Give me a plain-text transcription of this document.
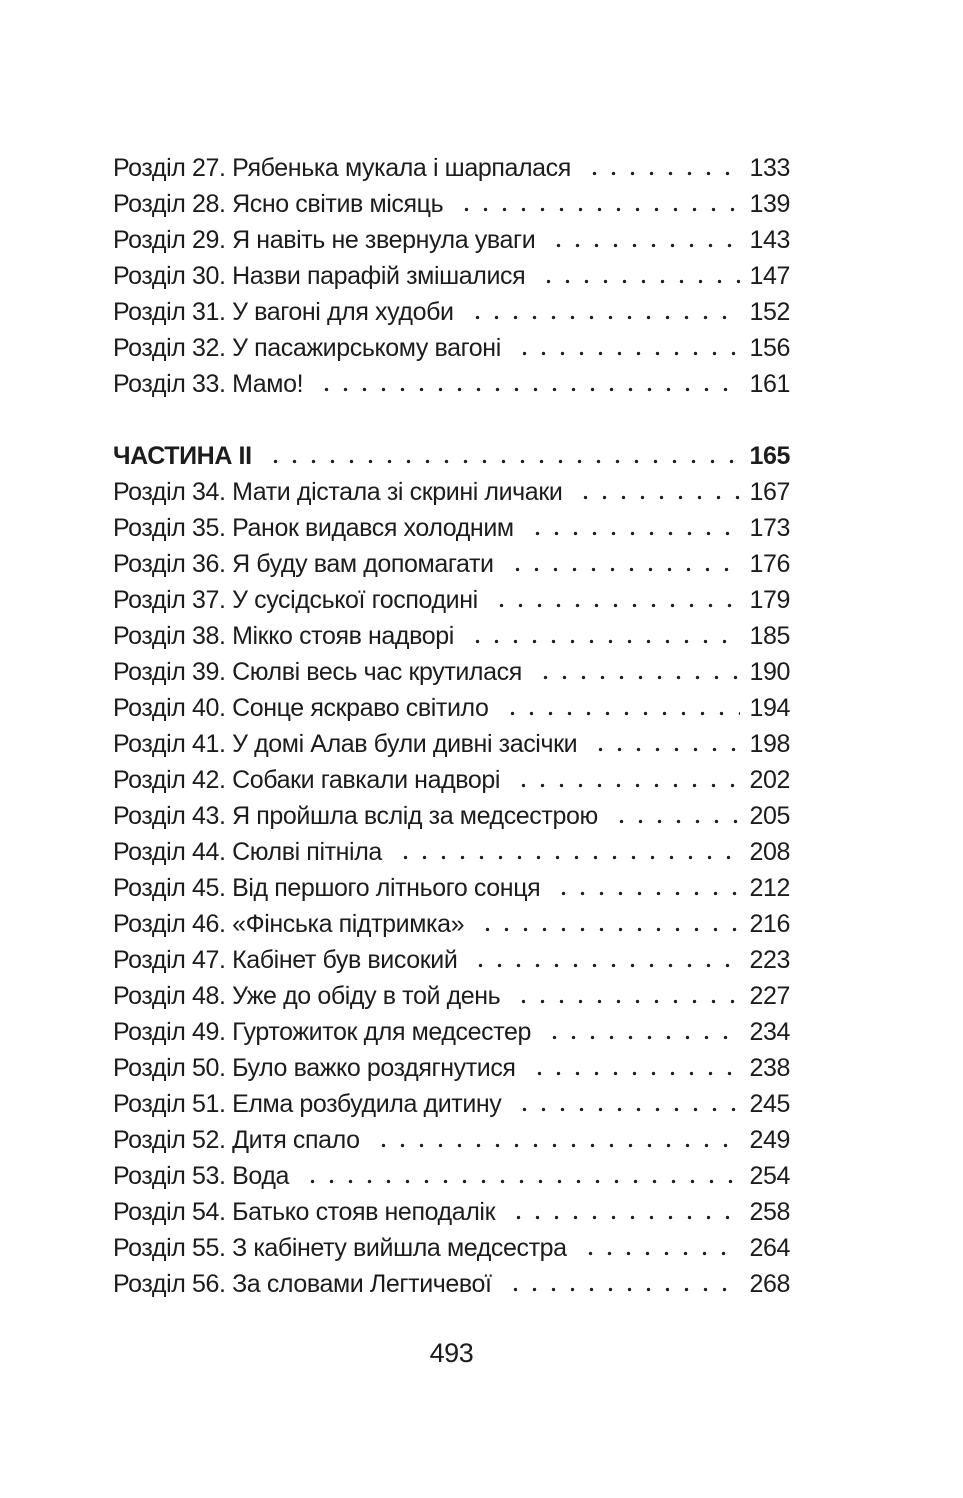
Розділ 27. Рябенька мукала і шарпалася	133
Розділ 28. Ясно світив місяць	139
Розділ 29. Я навіть не звернула уваги	143
Розділ 30. Назви парафій змішалися	147
Розділ 31. У вагоні для худоби	152
Розділ 32. У пасажирському вагоні	156
Розділ 33. Мамо!	161
ЧАСТИНА II	165
Розділ 34. Мати дістала зі скрині личаки	167
Розділ 35. Ранок видався холодним	173
Розділ 36. Я буду вам допомагати	176
Розділ 37. У сусідської господині	179
Розділ 38. Мікко стояв надворі	185
Розділ 39. Сюлві весь час крутилася	190
Розділ 40. Сонце яскраво світило	194
Розділ 41. У домі Алав були дивні засічки	198
Розділ 42. Собаки гавкали надворі	202
Розділ 43. Я пройшла вслід за медсестрою	205
Розділ 44. Сюлві пітніла	208
Розділ 45. Від першого літнього сонця	212
Розділ 46. «Фінська підтримка»	216
Розділ 47. Кабінет був високий	223
Розділ 48. Уже до обіду в той день	227
Розділ 49. Гуртожиток для медсестер	234
Розділ 50. Було важко роздягнутися	238
Розділ 51. Елма розбудила дитину	245
Розділ 52. Дитя спало	249
Розділ 53. Вода	254
Розділ 54. Батько стояв неподалік	258
Розділ 55. З кабінету вийшла медсестра	264
Розділ 56. За словами Легтичевої	268
493
